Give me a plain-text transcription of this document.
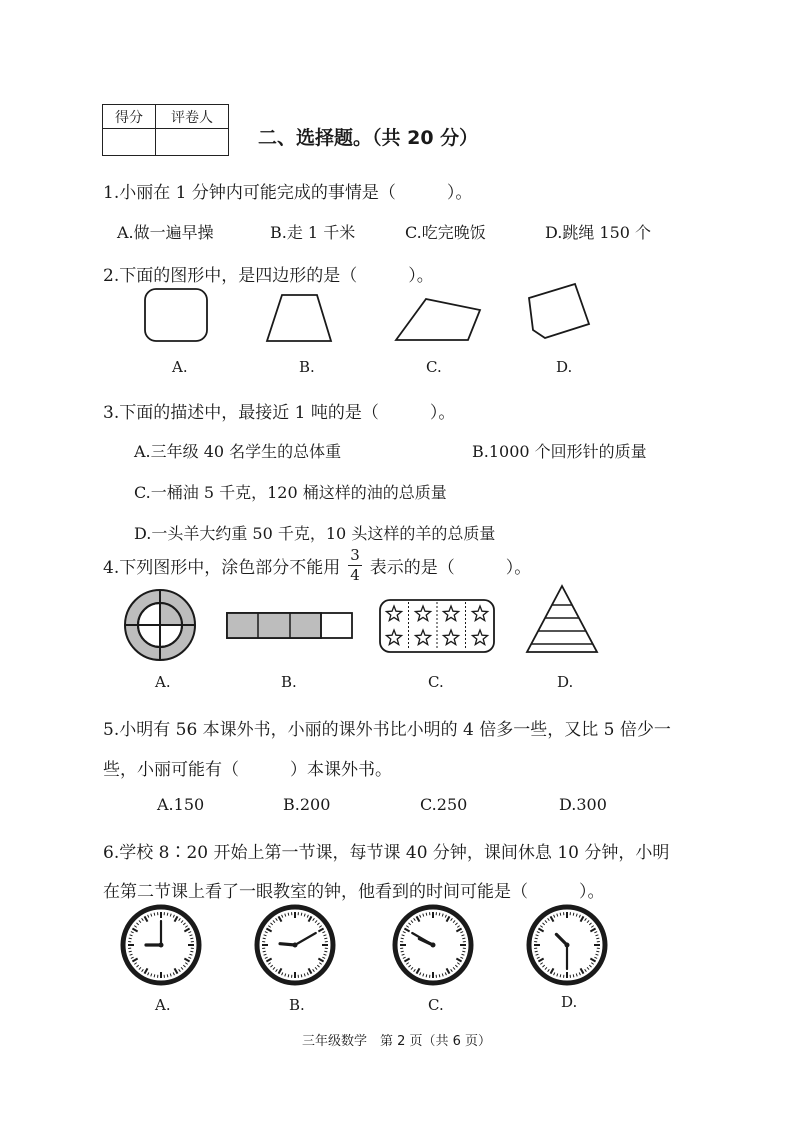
得分	评卷人

二、选择题。（共 20 分）
1.小丽在 1 分钟内可能完成的事情是（　　　）。
A.做一遍早操	B.走 1 千米	C.吃完晚饭	D.跳绳 150 个
2.下面的图形中，是四边形的是（　　　）。
A.	B.	C.	D.
3.下面的描述中，最接近 1 吨的是（　　　）。
A.三年级 40 名学生的总体重	B.1000 个回形针的质量
C.一桶油 5 千克，120 桶这样的油的总质量
D.一头羊大约重 50 千克，10 头这样的羊的总质量
4.下列图形中，涂色部分不能用 $\frac{3}{4}$ 表示的是（　　　）。
A.	B.	C.	D.
5.小明有 56 本课外书，小丽的课外书比小明的 4 倍多一些，又比 5 倍少一
些，小丽可能有（　　　）本课外书。
A.150	B.200	C.250	D.300
6.学校 8∶20 开始上第一节课，每节课 40 分钟，课间休息 10 分钟，小明
在第二节课上看了一眼教室的钟，他看到的时间可能是（　　　）。
A.	B.	C.	D.
三年级数学　第 2 页（共 6 页）
